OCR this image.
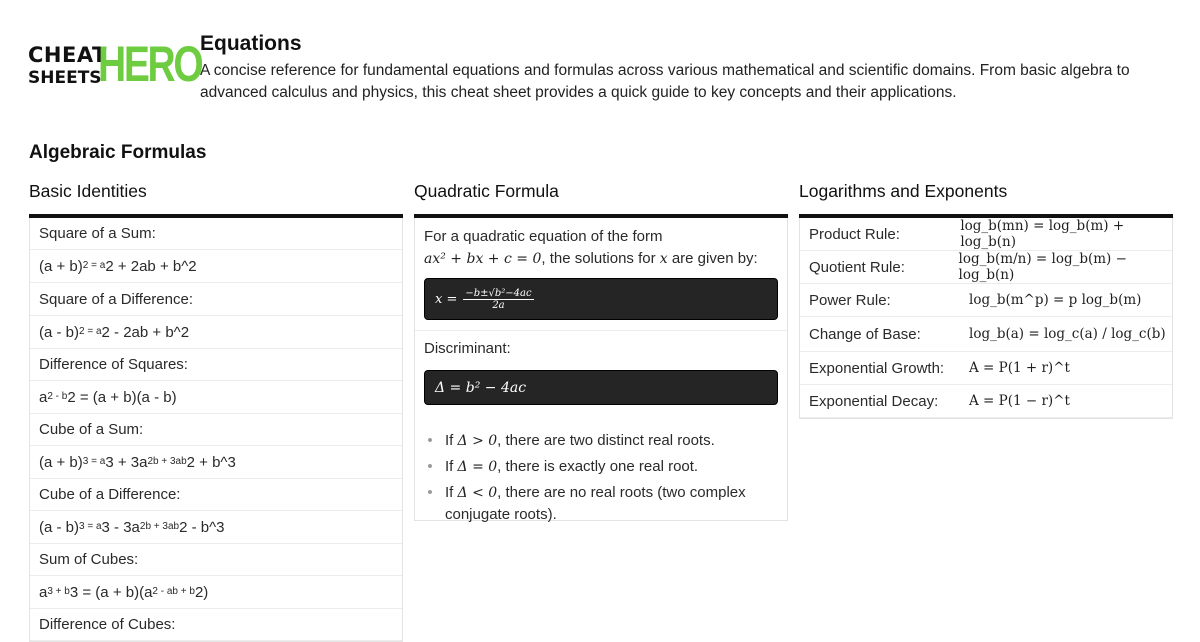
CHEAT
SHEETS
HERO
Equations
A concise reference for fundamental equations and formulas across various mathematical and scientific domains. From basic algebra to advanced calculus and physics, this cheat sheet provides a quick guide to key concepts and their applications.
Algebraic Formulas
Basic Identities
Square of a Sum:
(a + b) 2 = a 2 + 2ab + b^2
Square of a Difference:
(a - b) 2 = a 2 - 2ab + b^2
Difference of Squares:
a 2 - b 2 = (a + b)(a - b)
Cube of a Sum:
(a + b) 3 = a 3 + 3a 2b + 3ab 2 + b^3
Cube of a Difference:
(a - b) 3 = a 3 - 3a 2b + 3ab 2 - b^3
Sum of Cubes:
a 3 + b 3 = (a + b)(a 2 - ab + b 2)
Difference of Cubes:
Quadratic Formula
For a quadratic equation of the form
ax² + bx + c = 0, the solutions for x are given by:
$x = \frac{\text{−b±√b²−4ac}}{2a}$
Discriminant:
Δ = b² − 4ac
• If Δ > 0, there are two distinct real roots.
• If Δ = 0, there is exactly one real root.
• If Δ < 0, there are no real roots (two complex conjugate roots).
Logarithms and Exponents
Product Rule:	log_b(mn) = log_b(m) + log_b(n)
Quotient Rule:	log_b(m/n) = log_b(m) − log_b(n)
Power Rule:	log_b(m^p) = p log_b(m)
Change of Base:	log_b(a) = log_c(a) / log_c(b)
Exponential Growth:	A = P(1 + r)^t
Exponential Decay:	A = P(1 − r)^t
